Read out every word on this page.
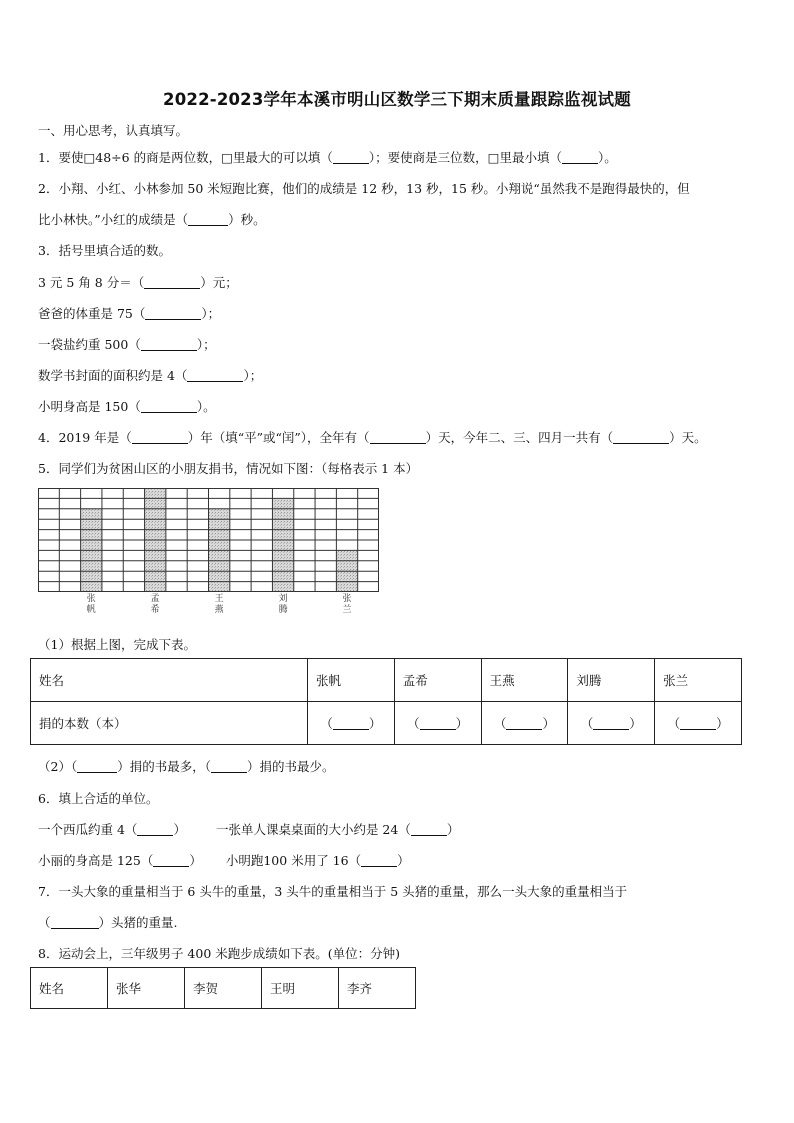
2022-2023学年本溪市明山区数学三下期末质量跟踪监视试题
一、用心思考，认真填写。
1．要使□48÷6 的商是两位数，□里最大的可以填（	）；要使商是三位数，□里最小填（	）。
2．小翔、小红、小林参加 50 米短跑比赛，他们的成绩是 12 秒，13 秒，15 秒。小翔说“虽然我不是跑得最快的，但
比小林快。”小红的成绩是（	）秒。
3．括号里填合适的数。
3 元 5 角 8 分＝（	）元；
爸爸的体重是 75（	）；
一袋盐约重 500（	）；
数学书封面的面积约是 4（	）；
小明身高是 150（	）。
4．2019 年是（	）年（填“平”或“闰”），全年有（	）天，今年二、三、四月一共有（	）天。
5．同学们为贫困山区的小朋友捐书，情况如下图：（每格表示 1 本）
张
帆
孟
希
王
燕
刘
腾
张
兰
（1）根据上图，完成下表。
姓名	张帆	孟希	王燕	刘腾	张兰
捐的本数（本）	（ ）	（ ）	（ ）	（ ）	（ ）
（2）（	）捐的书最多，（	）捐的书最少。
6．填上合适的单位。
一个西瓜约重 4（	） 一张单人课桌桌面的大小约是 24（	）
小丽的身高是 125（	） 小明跑100 米用了 16（	）
7．一头大象的重量相当于 6 头牛的重量，3 头牛的重量相当于 5 头猪的重量，那么一头大象的重量相当于
（	）头猪的重量.
8．运动会上，三年级男子 400 米跑步成绩如下表。(单位：分钟)
姓名	张华	李贺	王明	李齐
